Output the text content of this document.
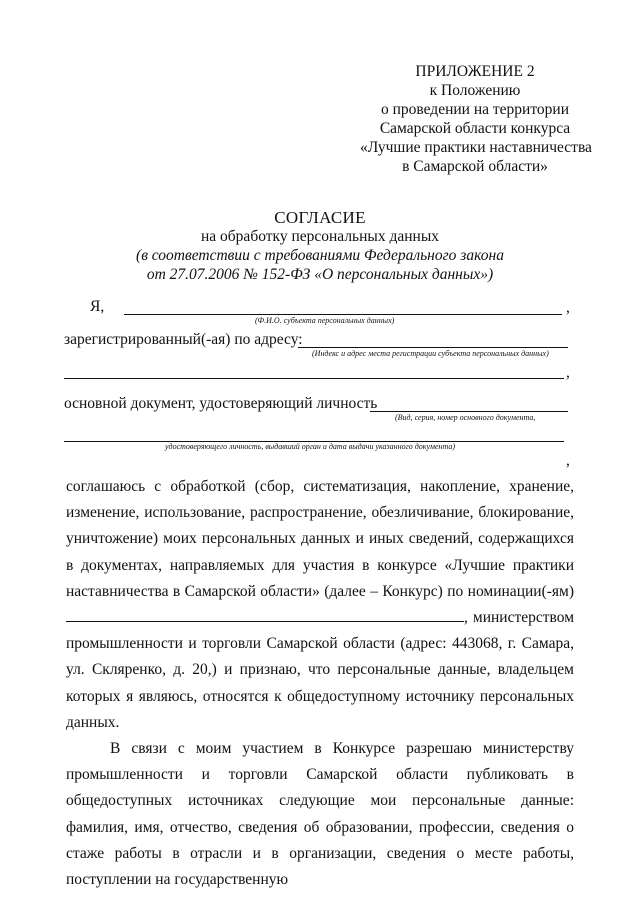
ПРИЛОЖЕНИЕ 2
к Положению
о проведении на территории
Самарской области конкурса
«Лучшие практики наставничества
в Самарской области»
СОГЛАСИЕ
на обработку персональных данных
(в соответствии с требованиями Федерального закона
от 27.07.2006 № 152-ФЗ «О персональных данных»)
Я,	,
(Ф.И.О. субъекта персональных данных)
зарегистрированный(-ая) по адресу:
(Индекс и адрес места регистрации субъекта персональных данных)
,
основной документ, удостоверяющий личность
(Вид, серия, номер основного документа,
,
удостоверяющего личность, выдавший орган и дата выдачи указанного документа)

соглашаюсь с обработкой (сбор, систематизация, накопление, хранение, изменение, использование, распространение, обезличивание, блокирование, уничтожение) моих персональных данных и иных сведений, содержащихся в документах, направляемых для участия в конкурсе «Лучшие практики наставничества в Самарской области» (далее – Конкурс) по номинации(-ям) , министерством промышленности и торговли Самарской области (адрес: 443068, г. Самара, ул. Скляренко, д. 20,) и признаю, что персональные данные, владельцем которых я являюсь, относятся к общедоступному источнику персональных данных.

В связи с моим участием в Конкурсе разрешаю министерству промышленности и торговли Самарской области публиковать в общедоступных источниках следующие мои персональные данные: фамилия, имя, отчество, сведения об образовании, профессии, сведения о стаже работы в отрасли и в организации, сведения о месте работы, поступлении на государственную
